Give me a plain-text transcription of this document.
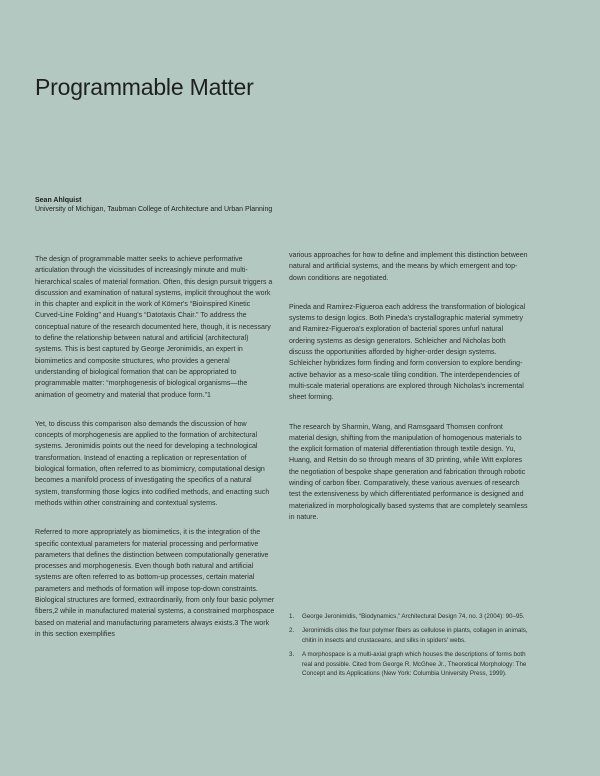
Programmable Matter
Sean Ahlquist
University of Michigan, Taubman College of Architecture and Urban Planning

The design of programmable matter seeks to achieve performative articulation through the vicissitudes of increasingly minute and multi-hierarchical scales of material formation. Often, this design pursuit triggers a discussion and examination of natural systems, implicit throughout the work in this chapter and explicit in the work of Körner's “Bioinspired Kinetic Curved-Line Folding” and Huang's “Datotaxis Chair.” To address the conceptual nature of the research documented here, though, it is necessary to define the relationship between natural and artificial (architectural) systems. This is best captured by George Jeronimidis, an expert in biomimetics and composite structures, who provides a general understanding of biological formation that can be appropriated to programmable matter: “morphogenesis of biological organisms—the animation of geometry and material that produce form.”1

Yet, to discuss this comparison also demands the discussion of how concepts of morphogenesis are applied to the formation of architectural systems. Jeronimidis points out the need for developing a technological transformation. Instead of enacting a replication or representation of biological formation, often referred to as biomimicry, computational design becomes a manifold process of investigating the specifics of a natural system, transforming those logics into codified methods, and enacting such methods within other constraining and contextual systems.

Referred to more appropriately as biomimetics, it is the integration of the specific contextual parameters for material processing and performative parameters that defines the distinction between computationally generative processes and morphogenesis. Even though both natural and artificial systems are often referred to as bottom-up processes, certain material parameters and methods of formation will impose top-down constraints. Biological structures are formed, extraordinarily, from only four basic polymer fibers,2 while in manufactured material systems, a constrained morphospace based on material and manufacturing parameters always exists.3 The work in this section exemplifies

various approaches for how to define and implement this distinction between natural and artificial systems, and the means by which emergent and top-down conditions are negotiated.

Pineda and Ramirez-Figueroa each address the transformation of biological systems to design logics. Both Pineda's crystallographic material symmetry and Ramirez-Figueroa's exploration of bacterial spores unfurl natural ordering systems as design generators. Schleicher and Nicholas both discuss the opportunities afforded by higher-order design systems. Schleicher hybridizes form finding and form conversion to explore bending-active behavior as a meso-scale tiling condition. The interdependencies of multi-scale material operations are explored through Nicholas's incremental sheet forming.

The research by Sharmin, Wang, and Ramsgaard Thomsen confront material design, shifting from the manipulation of homogenous materials to the explicit formation of material differentiation through textile design. Yu, Huang, and Retsin do so through means of 3D printing, while Witt explores the negotiation of bespoke shape generation and fabrication through robotic winding of carbon fiber. Comparatively, these various avenues of research test the extensiveness by which differentiated performance is designed and materialized in morphologically based systems that are completely seamless in nature.

1.	George Jeronimidis, “Biodynamics,” Architectural Design 74, no. 3 (2004): 90–95.
2.	Jeronimidis cites the four polymer fibers as cellulose in plants, collagen in animals, chitin in insects and crustaceans, and silks in spiders' webs.
3.	A morphospace is a multi-axial graph which houses the descriptions of forms both real and possible. Cited from George R. McGhee Jr., Theoretical Morphology: The Concept and its Applications (New York: Columbia University Press, 1999).
